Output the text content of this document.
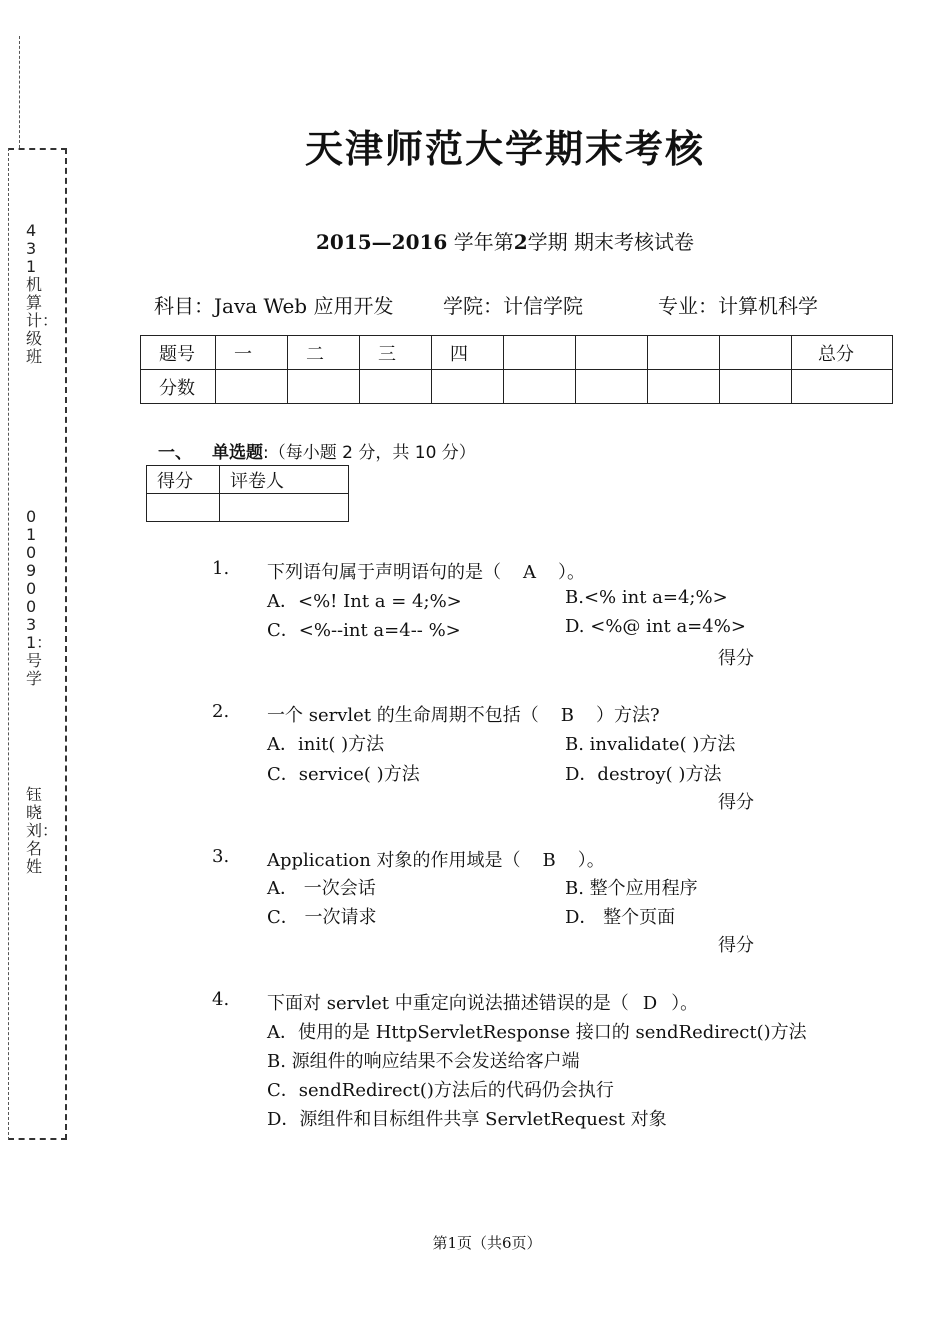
431机算计：级班
01090031：号学
钰晓刘：名姓
天津师范大学期末考核
2015—2016 学年第2学期 期末考核试卷
科目：Java Web 应用开发 学院：计信学院	专业：计算机科学
题号	一	二	三	四					总分
分数									
一、 单选题:（每小题 2 分，共 10 分）
得分	评卷人

1. 下列语句属于声明语句的是（ A ）。
A．<%! Int a = 4;%>	B.<% int a=4;%>
C．<%--int a=4-- %>	D. <%@ int a=4%>
得分
2. 一个 servlet 的生命周期不包括（ B ）方法?
A．init( )方法	B. invalidate( )方法
C．service( )方法	D．destroy( )方法
得分
3. Application 对象的作用域是（ B ）。
A． 一次会话	B. 整个应用程序
C． 一次请求	D． 整个页面
得分
4. 下面对 servlet 中重定向说法描述错误的是（ D ）。
A．使用的是 HttpServletResponse 接口的 sendRedirect()方法
B. 源组件的响应结果不会发送给客户端
C．sendRedirect()方法后的代码仍会执行
D．源组件和目标组件共享 ServletRequest 对象
第1页（共6页）
